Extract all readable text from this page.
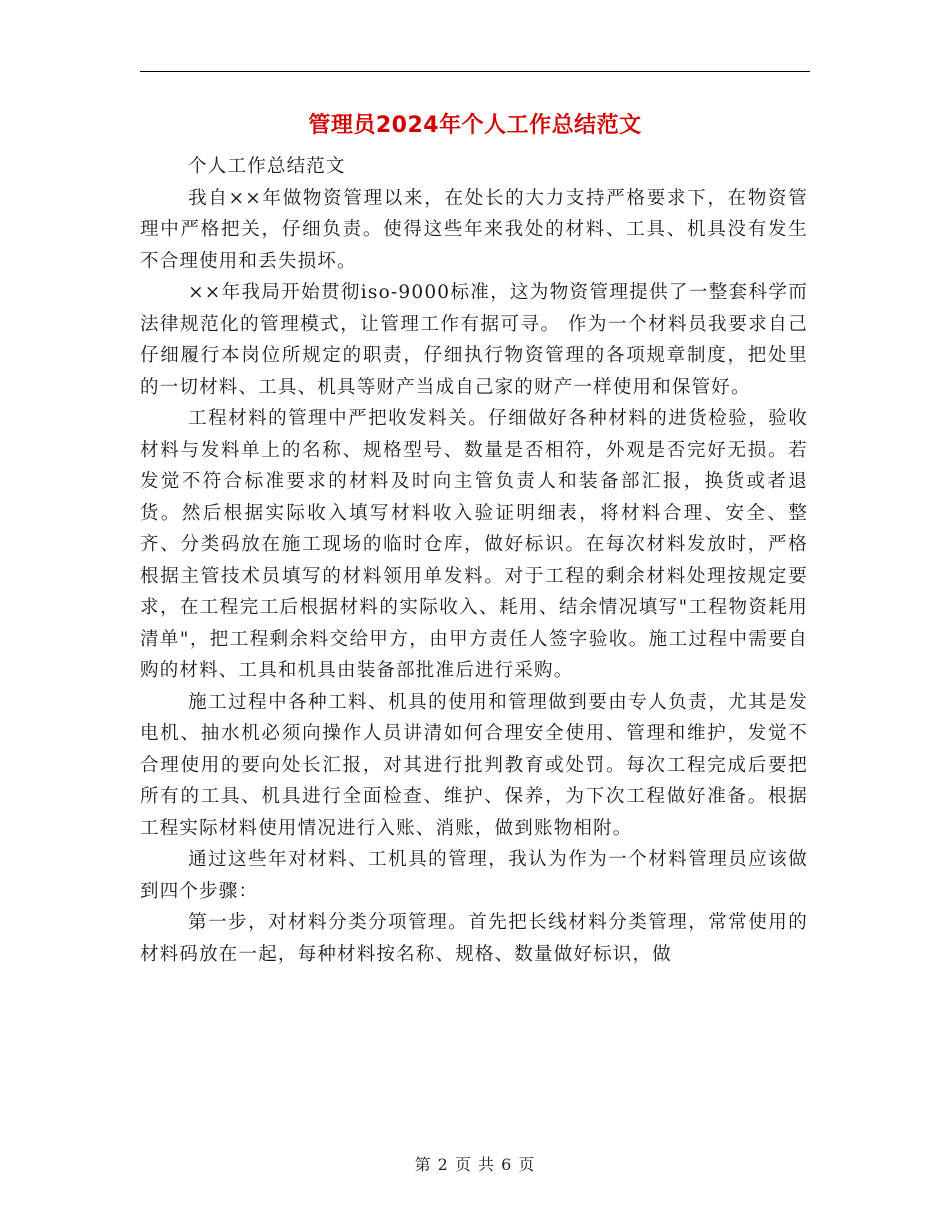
管理员2024年个人工作总结范文

个人工作总结范文

我自××年做物资管理以来，在处长的大力支持严格要求下，在物资管理中严格把关，仔细负责。使得这些年来我处的材料、工具、机具没有发生不合理使用和丢失损坏。

××年我局开始贯彻iso-9000标准，这为物资管理提供了一整套科学而法律规范化的管理模式，让管理工作有据可寻。 作为一个材料员我要求自己仔细履行本岗位所规定的职责，仔细执行物资管理的各项规章制度，把处里的一切材料、工具、机具等财产当成自己家的财产一样使用和保管好。

工程材料的管理中严把收发料关。仔细做好各种材料的进货检验，验收材料与发料单上的名称、规格型号、数量是否相符，外观是否完好无损。若发觉不符合标准要求的材料及时向主管负责人和装备部汇报，换货或者退货。然后根据实际收入填写材料收入验证明细表，将材料合理、安全、整齐、分类码放在施工现场的临时仓库，做好标识。在每次材料发放时，严格根据主管技术员填写的材料领用单发料。对于工程的剩余材料处理按规定要求，在工程完工后根据材料的实际收入、耗用、结余情况填写"工程物资耗用清单"，把工程剩余料交给甲方，由甲方责任人签字验收。施工过程中需要自购的材料、工具和机具由装备部批准后进行采购。

施工过程中各种工料、机具的使用和管理做到要由专人负责，尤其是发电机、抽水机必须向操作人员讲清如何合理安全使用、管理和维护，发觉不合理使用的要向处长汇报，对其进行批判教育或处罚。每次工程完成后要把所有的工具、机具进行全面检查、维护、保养，为下次工程做好准备。根据工程实际材料使用情况进行入账、消账，做到账物相附。

通过这些年对材料、工机具的管理，我认为作为一个材料管理员应该做到四个步骤：

第一步，对材料分类分项管理。首先把长线材料分类管理，常常使用的材料码放在一起，每种材料按名称、规格、数量做好标识，做

第 2 页 共 6 页
